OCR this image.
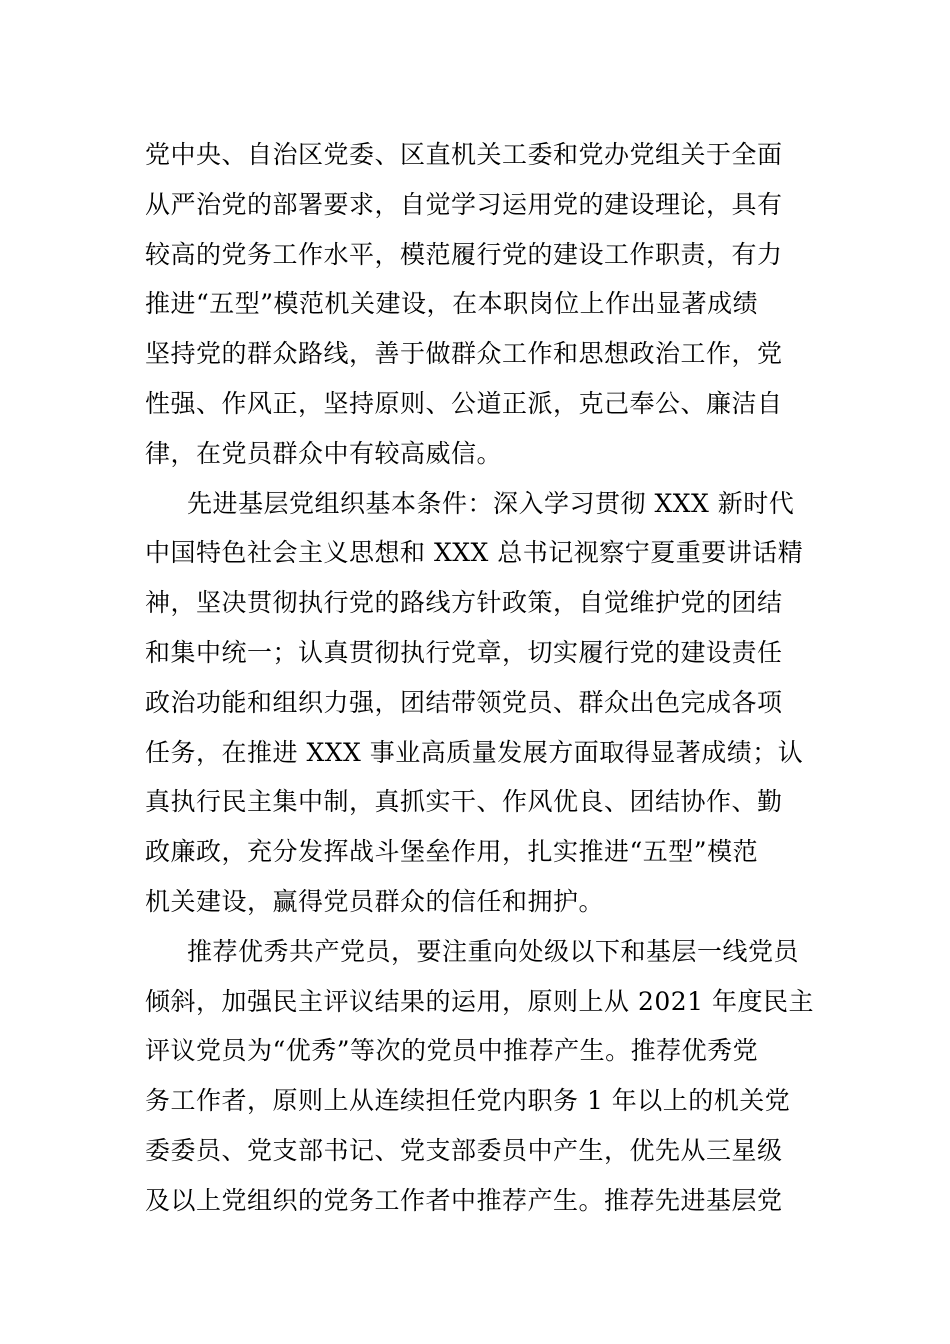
党中央、自治区党委、区直机关工委和党办党组关于全面
从严治党的部署要求，自觉学习运用党的建设理论，具有
较高的党务工作水平，模范履行党的建设工作职责，有力
推进“五型”模范机关建设，在本职岗位上作出显著成绩
坚持党的群众路线，善于做群众工作和思想政治工作，党
性强、作风正，坚持原则、公道正派，克己奉公、廉洁自
律，在党员群众中有较高威信。
先进基层党组织基本条件：深入学习贯彻 XXX 新时代
中国特色社会主义思想和 XXX 总书记视察宁夏重要讲话精
神，坚决贯彻执行党的路线方针政策，自觉维护党的团结
和集中统一；认真贯彻执行党章，切实履行党的建设责任
政治功能和组织力强，团结带领党员、群众出色完成各项
任务，在推进 XXX 事业高质量发展方面取得显著成绩；认
真执行民主集中制，真抓实干、作风优良、团结协作、勤
政廉政，充分发挥战斗堡垒作用，扎实推进“五型”模范
机关建设，赢得党员群众的信任和拥护。
推荐优秀共产党员，要注重向处级以下和基层一线党员
倾斜，加强民主评议结果的运用，原则上从 2021 年度民主
评议党员为“优秀”等次的党员中推荐产生。推荐优秀党
务工作者，原则上从连续担任党内职务 1 年以上的机关党
委委员、党支部书记、党支部委员中产生，优先从三星级
及以上党组织的党务工作者中推荐产生。推荐先进基层党
